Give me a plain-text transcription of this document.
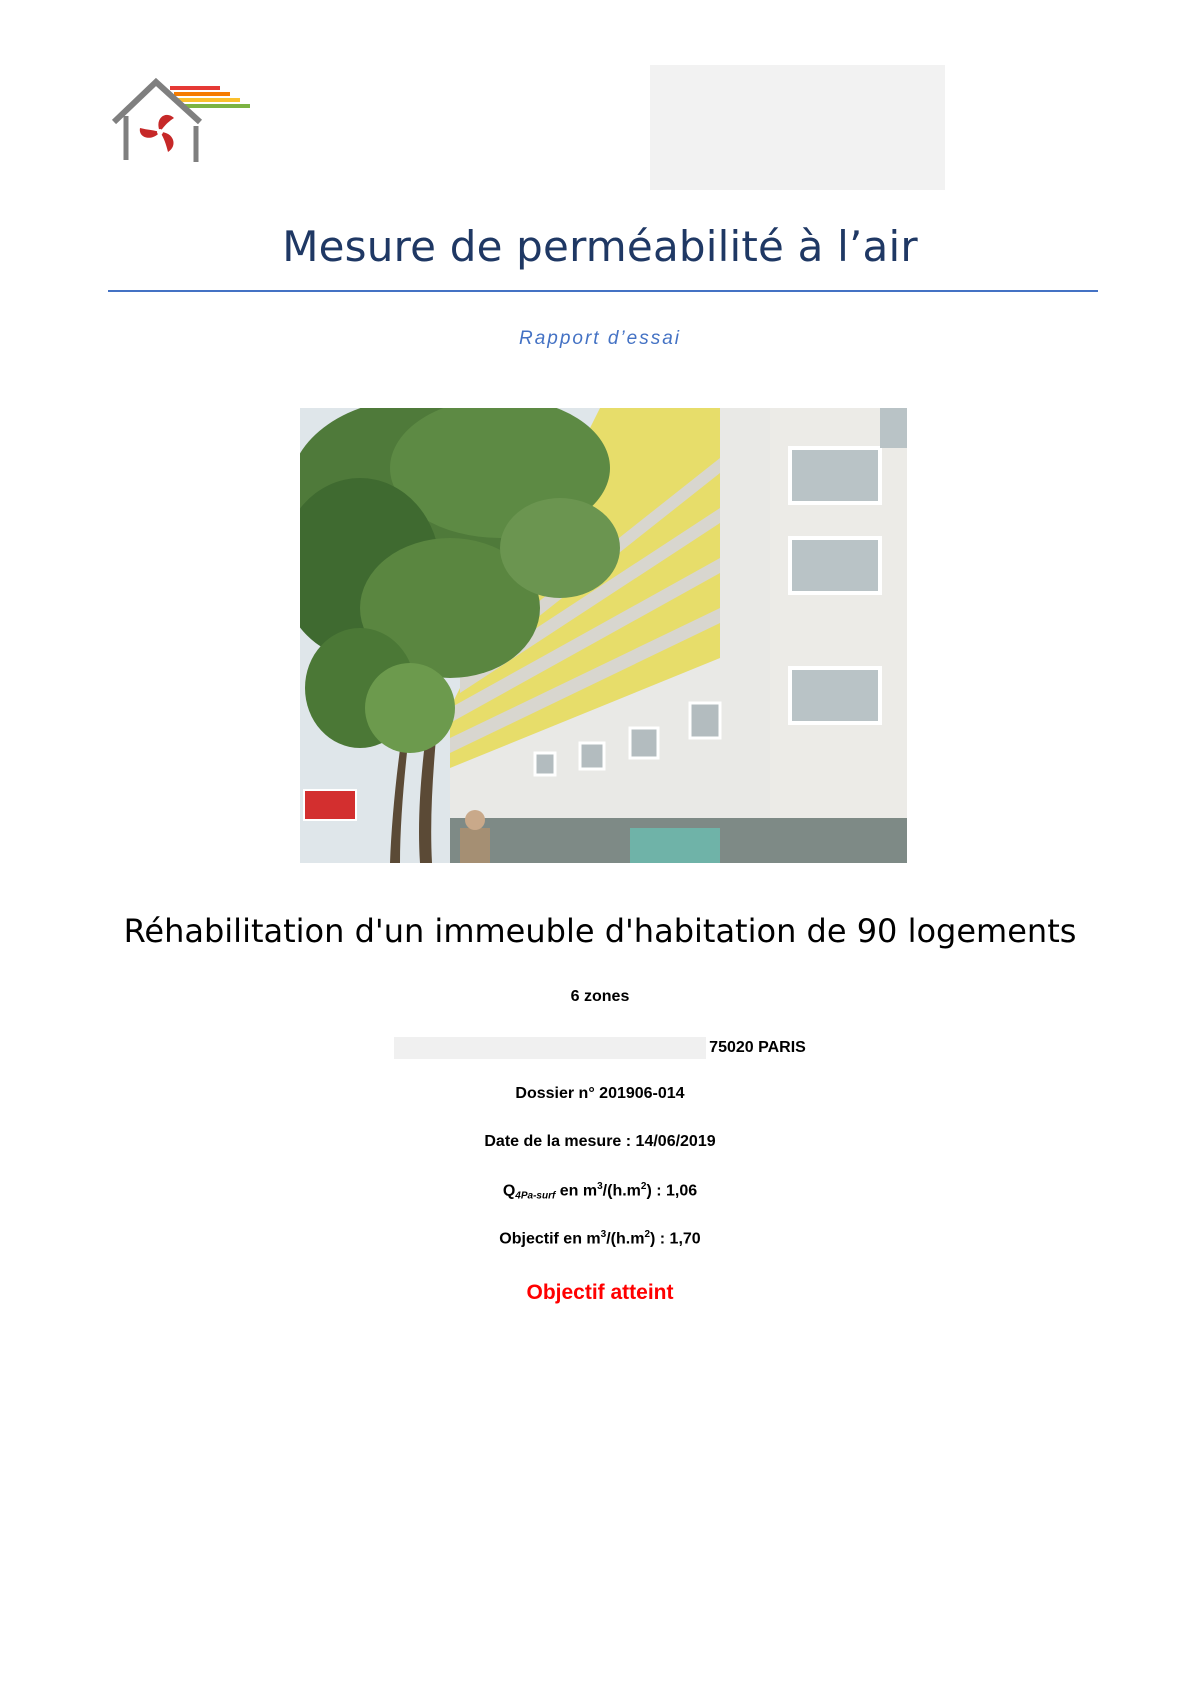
Mesure de perméabilité à l’air
Rapport d’essai
Réhabilitation d'un immeuble d'habitation de 90 logements
6 zones
75020 PARIS
Dossier n° 201906-014
Date de la mesure : 14/06/2019
Q4Pa-surf en $m^3/(h.m^2)$ : 1,06
Objectif en $m^3/(h.m^2)$ : 1,70
Objectif atteint
